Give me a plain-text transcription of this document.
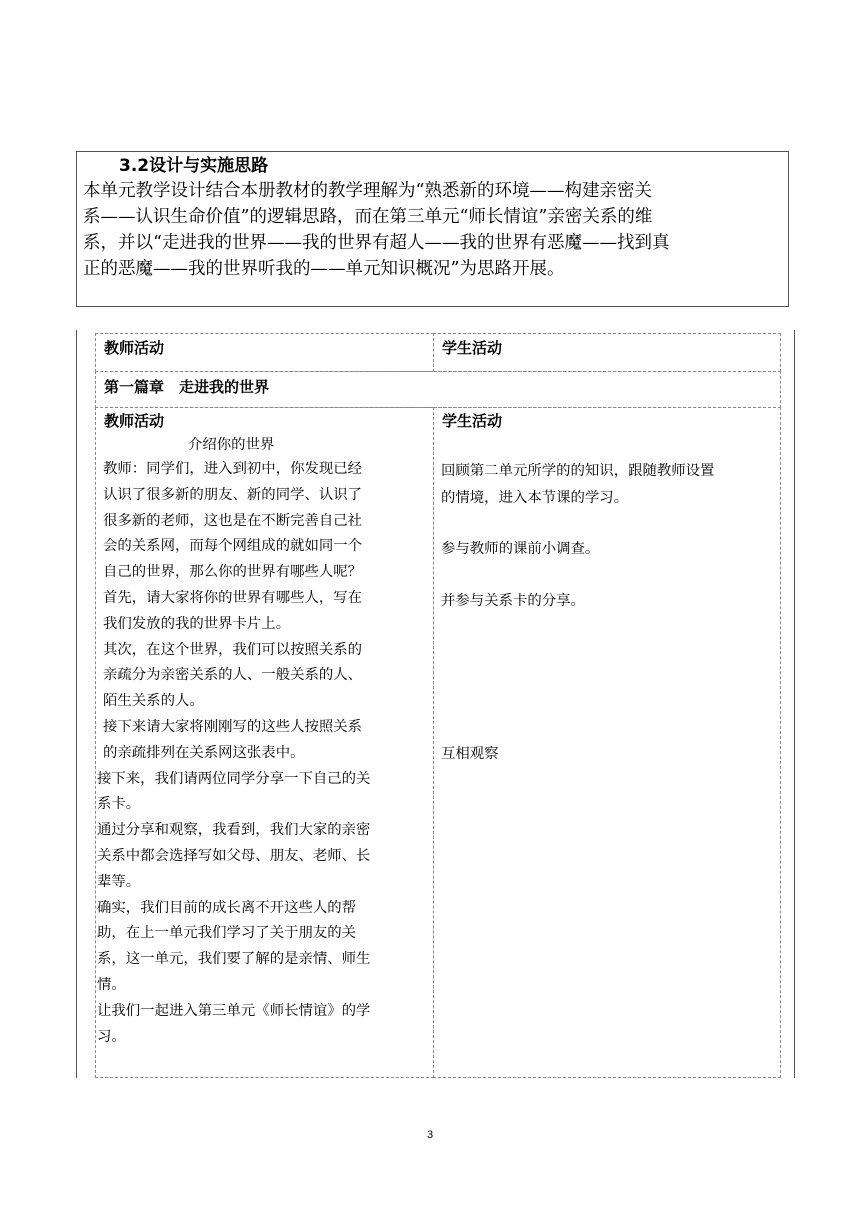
3.2设计与实施思路
本单元教学设计结合本册教材的教学理解为“熟悉新的环境——构建亲密关
系——认识生命价值”的逻辑思路，而在第三单元“师长情谊”亲密关系的维
系，并以“走进我的世界——我的世界有超人——我的世界有恶魔——找到真
正的恶魔——我的世界听我的——单元知识概况”为思路开展。
教师活动	学生活动
第一篇章　走进我的世界
教师活动	学生活动
介绍你的世界
教师：同学们，进入到初中，你发现已经
认识了很多新的朋友、新的同学、认识了
很多新的老师，这也是在不断完善自己社
会的关系网，而每个网组成的就如同一个
自己的世界，那么你的世界有哪些人呢？
首先，请大家将你的世界有哪些人，写在
我们发放的我的世界卡片上。
其次，在这个世界，我们可以按照关系的
亲疏分为亲密关系的人、一般关系的人、
陌生关系的人。
接下来请大家将刚刚写的这些人按照关系
的亲疏排列在关系网这张表中。
接下来，我们请两位同学分享一下自己的关
系卡。
通过分享和观察，我看到，我们大家的亲密
关系中都会选择写如父母、朋友、老师、长
辈等。
确实，我们目前的成长离不开这些人的帮
助，在上一单元我们学习了关于朋友的关
系，这一单元，我们要了解的是亲情、师生
情。
让我们一起进入第三单元《师长情谊》的学
习。
回顾第二单元所学的的知识，跟随教师设置
的情境，进入本节课的学习。
参与教师的课前小调查。
并参与关系卡的分享。
互相观察
3
